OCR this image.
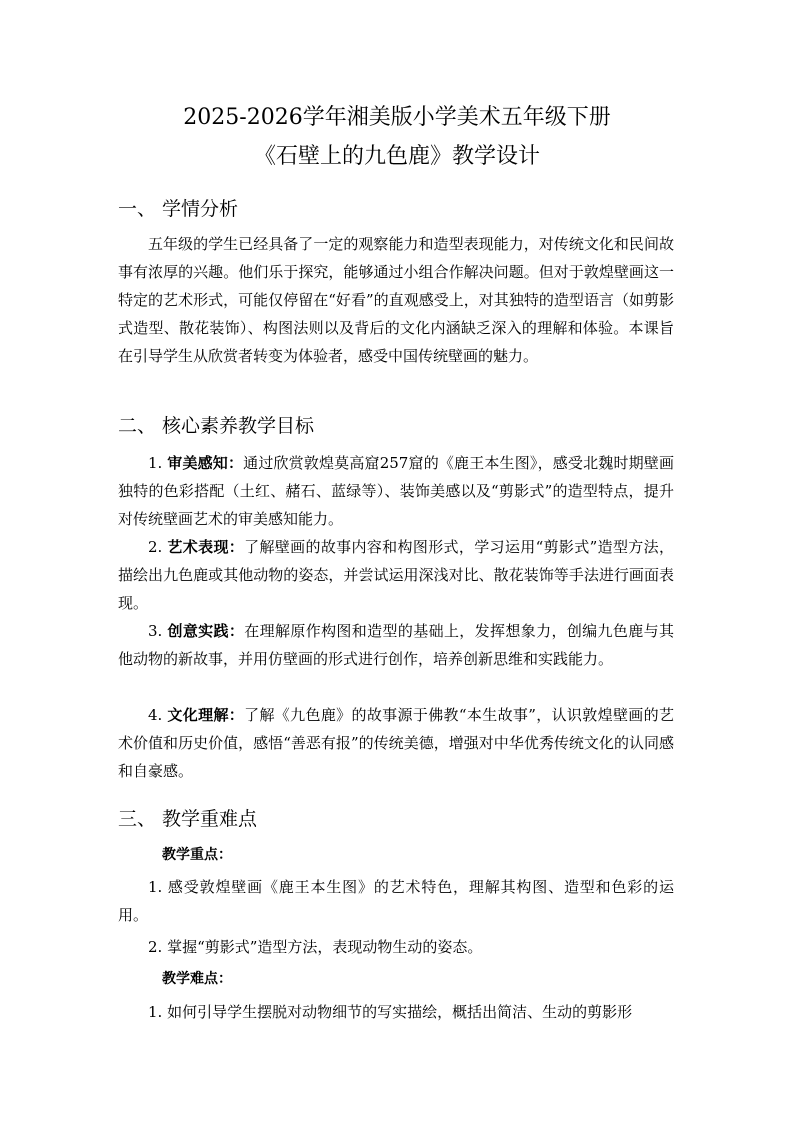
2025-2026学年湘美版小学美术五年级下册
《石壁上的九色鹿》教学设计
一、 学情分析
五年级的学生已经具备了一定的观察能力和造型表现能力，对传统文化和民间故事有浓厚的兴趣。他们乐于探究，能够通过小组合作解决问题。但对于敦煌壁画这一特定的艺术形式，可能仅停留在“好看”的直观感受上，对其独特的造型语言（如剪影式造型、散花装饰）、构图法则以及背后的文化内涵缺乏深入的理解和体验。本课旨在引导学生从欣赏者转变为体验者，感受中国传统壁画的魅力。
二、 核心素养教学目标
1. 审美感知：通过欣赏敦煌莫高窟257窟的《鹿王本生图》，感受北魏时期壁画独特的色彩搭配（土红、赭石、蓝绿等）、装饰美感以及“剪影式”的造型特点，提升对传统壁画艺术的审美感知能力。
2. 艺术表现：了解壁画的故事内容和构图形式，学习运用“剪影式”造型方法，描绘出九色鹿或其他动物的姿态，并尝试运用深浅对比、散花装饰等手法进行画面表现。
3. 创意实践：在理解原作构图和造型的基础上，发挥想象力，创编九色鹿与其他动物的新故事，并用仿壁画的形式进行创作，培养创新思维和实践能力。
4. 文化理解：了解《九色鹿》的故事源于佛教“本生故事”，认识敦煌壁画的艺术价值和历史价值，感悟“善恶有报”的传统美德，增强对中华优秀传统文化的认同感和自豪感。
三、 教学重难点
教学重点：
1. 感受敦煌壁画《鹿王本生图》的艺术特色，理解其构图、造型和色彩的运用。
2. 掌握“剪影式”造型方法，表现动物生动的姿态。
教学难点：
1. 如何引导学生摆脱对动物细节的写实描绘，概括出简洁、生动的剪影形
